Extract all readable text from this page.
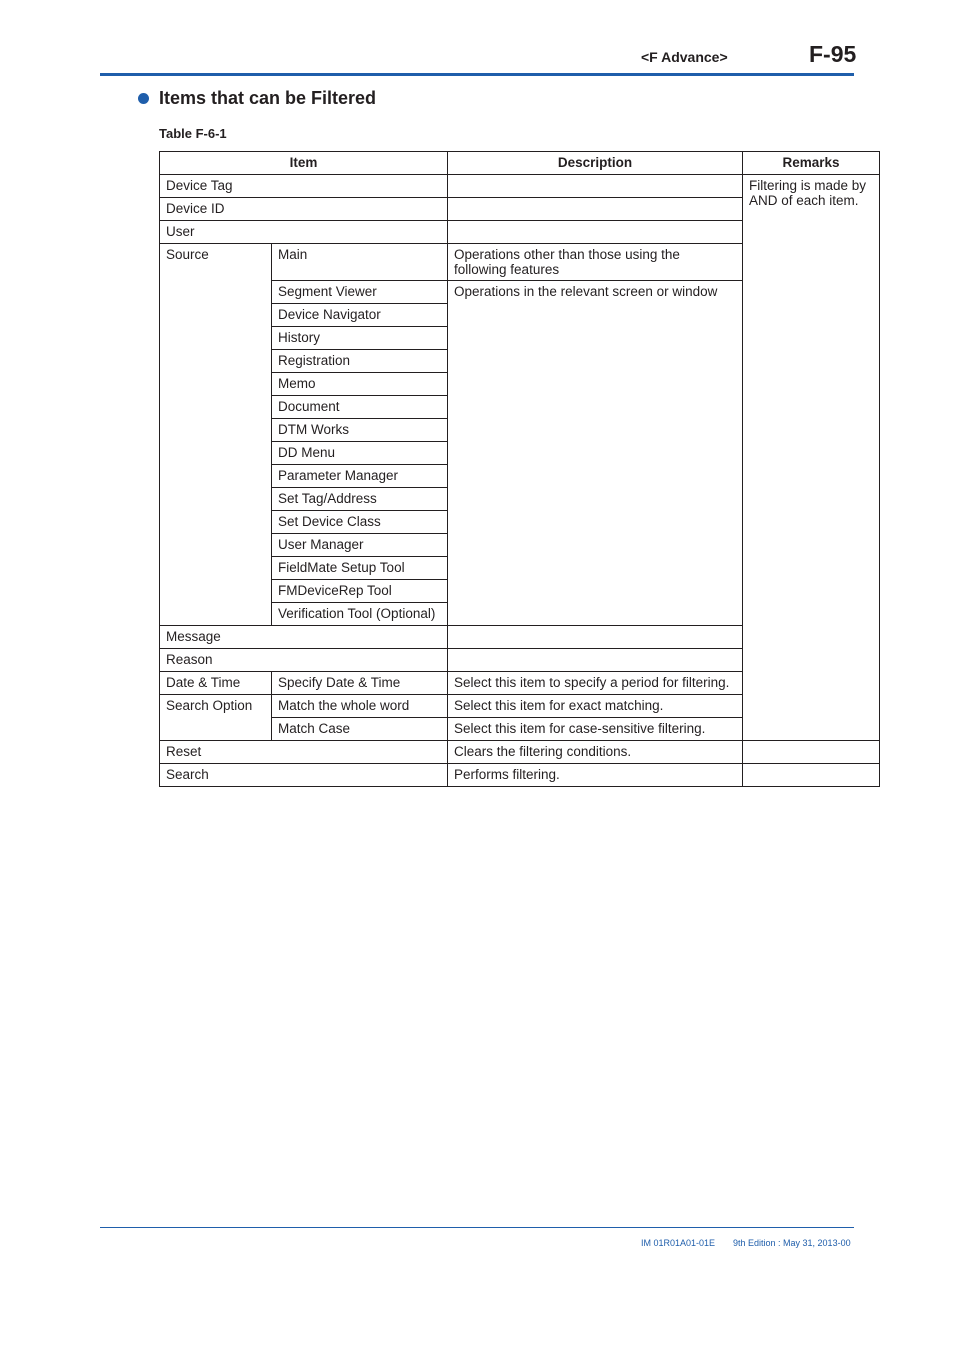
<F Advance>	F-95
Items that can be Filtered
Table F-6-1
Item		Description	Remarks	
Device Tag			Filtering is made by AND of each item.	
Device ID				
User				
Source	Main	Operations other than those using the following features		
	Segment Viewer	Operations in the relevant screen or window		
	Device Navigator			
	History			
	Registration			
	Memo			
	Document			
	DTM Works			
	DD Menu			
	Parameter Manager			
	Set Tag/Address			
	Set Device Class			
	User Manager			
	FieldMate Setup Tool			
	FMDeviceRep Tool			
	Verification Tool (Optional)			
Message				
Reason				
Date & Time	Specify Date & Time	Select this item to specify a period for filtering.		
Search Option	Match the whole word	Select this item for exact matching.		
	Match Case	Select this item for case-sensitive filtering.		
Reset		Clears the filtering conditions.		
Search		Performs filtering.		
IM 01R01A01-01E 9th Edition : May 31, 2013-00
